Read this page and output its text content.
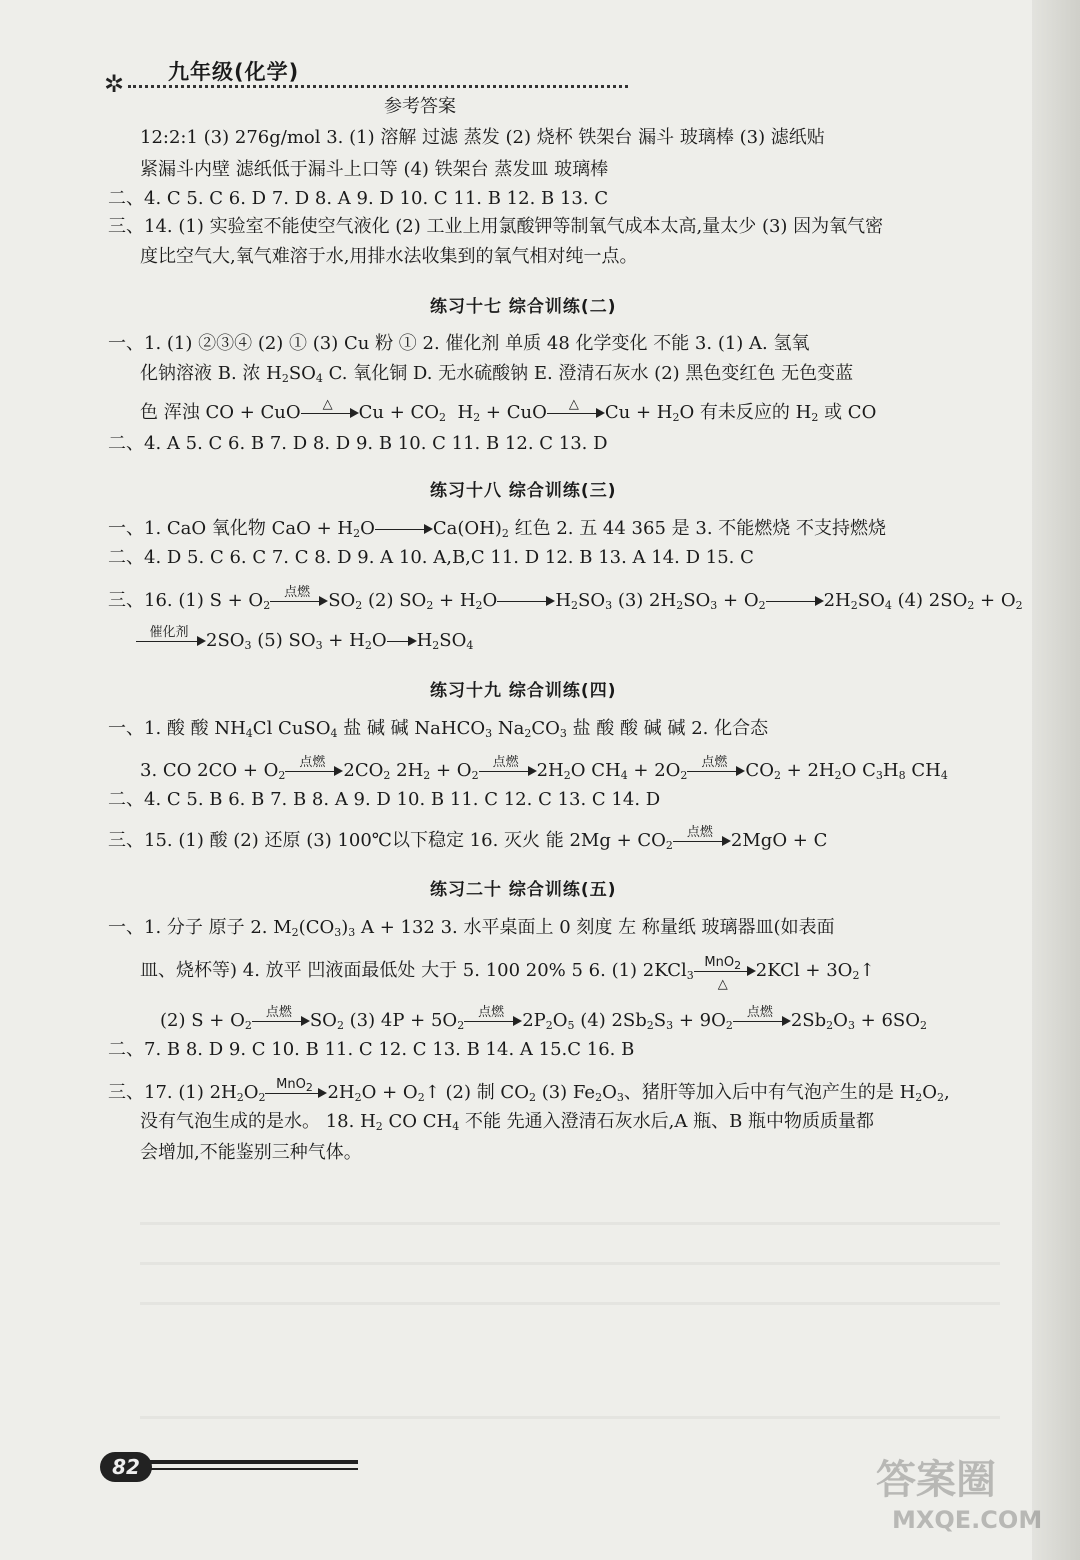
✲ 九年级(化学)
参考答案
12:2:1 (3) 276g/mol 3. (1) 溶解 过滤 蒸发 (2) 烧杯 铁架台 漏斗 玻璃棒 (3) 滤纸贴
紧漏斗内壁 滤纸低于漏斗上口等 (4) 铁架台 蒸发皿 玻璃棒
二、4. C 5. C 6. D 7. D 8. A 9. D 10. C 11. B 12. B 13. C
三、14. (1) 实验室不能使空气液化 (2) 工业上用氯酸钾等制氧气成本太高,量太少 (3) 因为氧气密
度比空气大,氧气难溶于水,用排水法收集到的氧气相对纯一点。
练习十七 综合训练(二)
一、1. (1) ②③④ (2) ① (3) Cu 粉 ① 2. 催化剂 单质 48 化学变化 不能 3. (1) A. 氢氧
化钠溶液 B. 浓 $H_2SO_4$ C. 氧化铜 D. 无水硫酸钠 E. 澄清石灰水 (2) 黑色变红色 无色变蓝
色 浑浊 CO + CuO	△	$Cu + CO_2$ $H_2$ + CuO	△	$Cu + H_2O$ 有未反应的 $H_2$ 或 CO
二、4. A 5. C 6. B 7. D 8. D 9. B 10. C 11. B 12. C 13. D
练习十八 综合训练(三)
一、1. CaO 氧化物 CaO + $H_2O$	$Ca(OH)_2$ 红色 2. 五 44 365 是 3. 不能燃烧 不支持燃烧
二、4. D 5. C 6. C 7. C 8. D 9. A 10. A,B,C 11. D 12. B 13. A 14. D 15. C
三、16. (1) $S + O_2$
点燃	$SO_2$ (2) $SO_2 + H_2O$	$H_2SO_3$ (3) $2H_2SO_3 + O_2$	$2H_2SO_4$ (4) $2SO_2 + O_2$
催化剂 $2SO_3$ (5) $SO_3 + H_2O$ $H_2SO_4$
练习十九 综合训练(四)
一、1. 酸 酸 $NH_4Cl$ CuSO$_4$ 盐 碱 碱 NaHCO$_3$ $Na_2CO_3$ 盐 酸 酸 碱 碱 2. 化合态
3. CO $2CO + O_2$
点燃	$2CO_2$ $2H_2 + O_2$
点燃	$2H_2O$ $CH_4 + 2O_2$
点燃	$CO_2 + 2H_2O$ $C_3H_8$ $CH_4$
二、4. C 5. B 6. B 7. B 8. A 9. D 10. B 11. C 12. C 13. C 14. D
三、15. (1) 酸 (2) 还原 (3) 100℃以下稳定 16. 灭火 能 $2Mg + CO_2$
点燃	2MgO + C
练习二十 综合训练(五)
一、1. 分子 原子 2. $M_2(CO_3)_3$ A + 132 3. 水平桌面上 0 刻度 左 称量纸 玻璃器皿(如表面
皿、烧杯等) 4. 放平 凹液面最低处 大于 5. 100 20% 5 6. (1) 2KCl$_3$
MnO$_2$
△
$2KCl + 3O_2↑$
(2) $S + O_2$
点燃	$SO_2$ (3) $4P + 5O_2$
点燃	$2P_2O_5$ (4) $2Sb_2S_3 + 9O_2$
点燃	$2Sb_2O_3 + 6SO_2$
二、7. B 8. D 9. C 10. B 11. C 12. C 13. B 14. A 15.C 16. B
三、17. (1) $2H_2O_2$
MnO$_2$ $2H_2O$ + $O_2↑$ (2) 制 $CO_2$ (3) $Fe_2O_3$、猪肝等加入后中有气泡产生的是 $H_2O_2$,
没有气泡生成的是水。 18. $H_2$ CO $CH_4$ 不能 先通入澄清石灰水后,A 瓶、B 瓶中物质质量都
会增加,不能鉴别三种气体。
82	答案圈
MXQE.COM
